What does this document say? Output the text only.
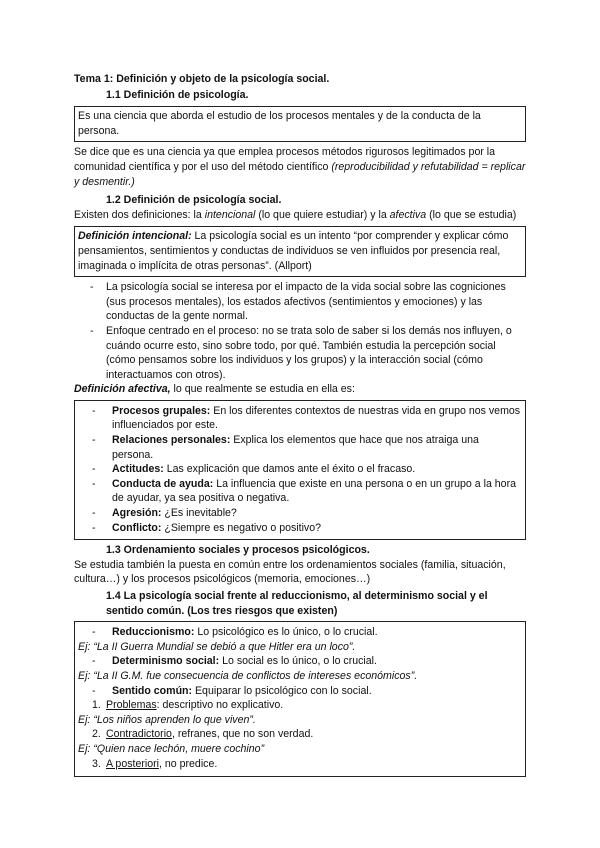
Tema 1: Definición y objeto de la psicología social.

1.1 Definición de psicología.

Es una ciencia que aborda el estudio de los procesos mentales y de la conducta de la persona.

Se dice que es una ciencia ya que emplea procesos métodos rigurosos legitimados por la comunidad científica y por el uso del método científico (reproducibilidad y refutabilidad = replicar y desmentir.)

1.2 Definición de psicología social.

Existen dos definiciones: la intencional (lo que quiere estudiar) y la afectiva (lo que se estudia)

Definición intencional: La psicología social es un intento “por comprender y explicar cómo pensamientos, sentimientos y conductas de individuos se ven influidos por presencia real, imaginada o implícita de otras personas”. (Allport)

- La psicología social se interesa por el impacto de la vida social sobre las cogniciones (sus procesos mentales), los estados afectivos (sentimientos y emociones) y las conductas de la gente normal.
- Enfoque centrado en el proceso: no se trata solo de saber si los demás nos influyen, o cuándo ocurre esto, sino sobre todo, por qué. También estudia la percepción social (cómo pensamos sobre los individuos y los grupos) y la interacción social (cómo interactuamos con otros).

Definición afectiva, lo que realmente se estudia en ella es:

- Procesos grupales: En los diferentes contextos de nuestras vida en grupo nos vemos influenciados por este.
- Relaciones personales: Explica los elementos que hace que nos atraiga una persona.
- Actitudes: Las explicación que damos ante el éxito o el fracaso.
- Conducta de ayuda: La influencia que existe en una persona o en un grupo a la hora de ayudar, ya sea positiva o negativa.
- Agresión: ¿Es inevitable?
- Conflicto: ¿Siempre es negativo o positivo?

1.3 Ordenamiento sociales y procesos psicológicos.

Se estudia también la puesta en común entre los ordenamientos sociales (familia, situación, cultura…) y los procesos psicológicos (memoria, emociones…)

1.4 La psicología social frente al reduccionismo, al determinismo social y el sentido común. (Los tres riesgos que existen)

- Reduccionismo: Lo psicológico es lo único, o lo crucial.

Ej: “La II Guerra Mundial se debió a que Hitler era un loco”.

- Determinismo social: Lo social es lo único, o lo crucial.

Ej: “La II G.M. fue consecuencia de conflictos de intereses económicos”.

- Sentido común: Equiparar lo psicológico con lo social.

1. Problemas: descriptivo no explicativo.

Ej: “Los niños aprenden lo que viven”.

2. Contradictorio, refranes, que no son verdad.

Ej: “Quien nace lechón, muere cochino”

3. A posteriori, no predice.
